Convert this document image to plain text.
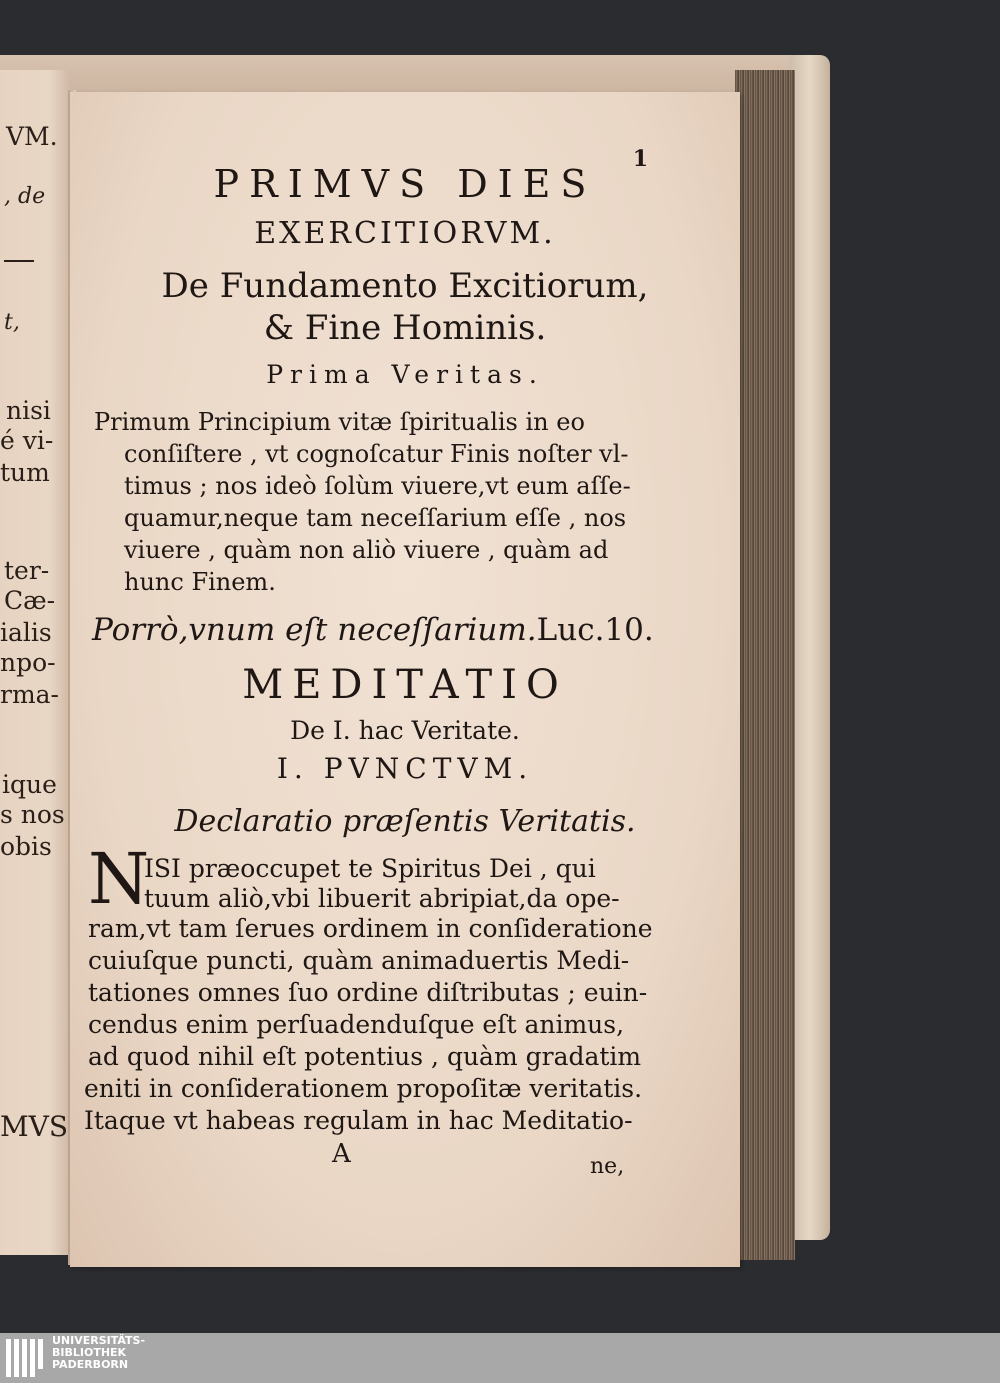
VM.
, de
t,
nisi
é vi-
tum
ter-
Cæ-
ialis
npo-
rma-
ique
s nos
obis
MVS
1
PRIMVS DIES
EXERCITIORVM.
De Fundamento Excitiorum,
& Fine Hominis.
Prima Veritas.
Primum Principium vitæ ſpiritualis in eo
conſiſtere , vt cognoſcatur Finis noſter vl-
timus ; nos ideò ſolùm viuere,vt eum aſſe-
quamur,neque tam neceſſarium eſſe , nos
viuere , quàm non aliò viuere , quàm ad
hunc Finem.
Porrò,vnum eſt neceſſarium.Luc.10.
MEDITATIO
De I. hac Veritate.
I. PVNCTVM.
Declaratio præſentis Veritatis.
N
ISI præoccupet te Spiritus Dei , qui
tuum aliò,vbi libuerit abripiat,da ope-
ram,vt tam ſerues ordinem in conſideratione
cuiuſque puncti, quàm animaduertis Medi-
tationes omnes ſuo ordine diſtributas ; euin-
cendus enim perſuadenduſque eſt animus,
ad quod nihil eſt potentius , quàm gradatim
eniti in conſiderationem propoſitæ veritatis.
Itaque vt habeas regulam in hac Meditatio-
A	ne,
UNIVERSITÄTS-
BIBLIOTHEK
PADERBORN
